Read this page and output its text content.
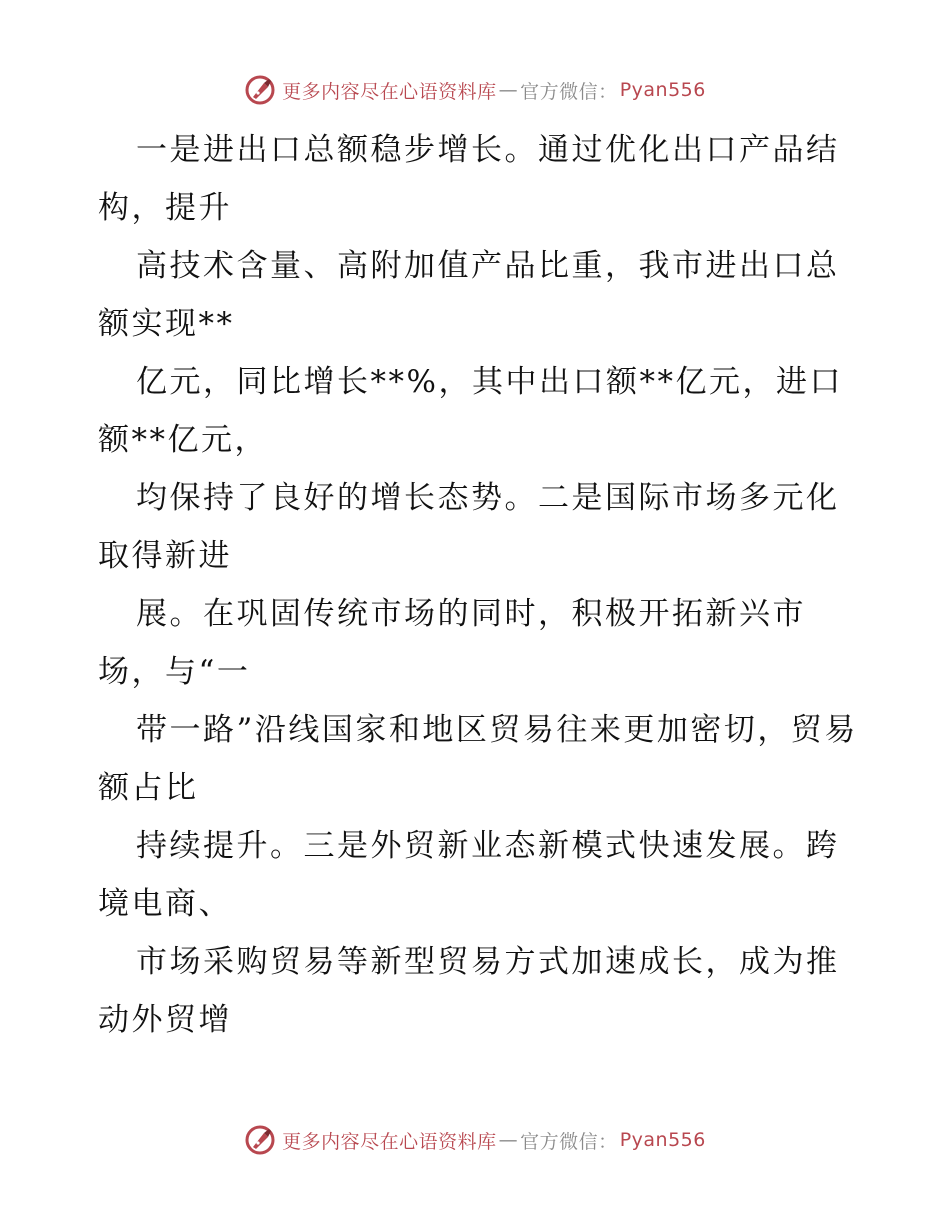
更多内容尽在心语资料库 — 官方微信： Pyan556

一是进出口总额稳步增长。通过优化出口产品结构，提升

高技术含量、高附加值产品比重，我市进出口总额实现**

亿元，同比增长**%，其中出口额**亿元，进口额**亿元，

均保持了良好的增长态势。二是国际市场多元化取得新进

展。在巩固传统市场的同时，积极开拓新兴市场，与“一

带一路”沿线国家和地区贸易往来更加密切，贸易额占比

持续提升。三是外贸新业态新模式快速发展。跨境电商、

市场采购贸易等新型贸易方式加速成长，成为推动外贸增

更多内容尽在心语资料库 — 官方微信： Pyan556
